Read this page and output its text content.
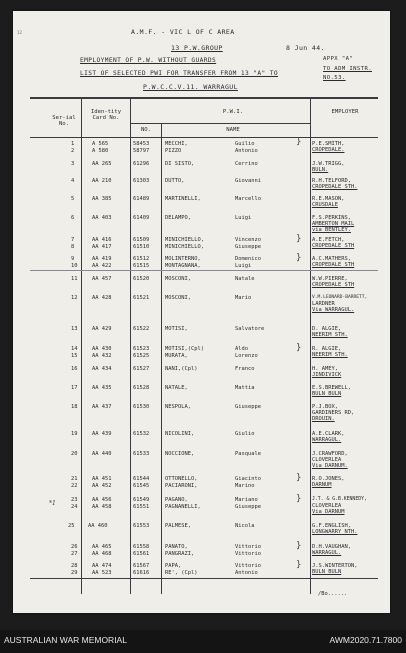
12	A.M.F. - VIC L OF C AREA
13 P.W.GROUP	8 Jun 44.
EMPLOYMENT OF P.W. WITHOUT GUARDS
LIST OF SELECTED PWI FOR TRANSFER FROM 13 "A" TO
P.W.C.C.V.11. WARRAGUL
APPX "A"
TO ADM INSTR.
NO.53.
Ser-ial No.
Iden-tity Card No.
P.W.I.
NO.	NAME
EMPLOYER
1	A 565	58453	MECCHI,	Guilio	P.E.SMITH,
CROPEDALE.
2	A 580	58797	PIZZO	Antonio
}
3	AA 265	61296	DI SISTO,	Cerrino	J.W.TRIGG,
BULN.
4	AA 210	61303	DUTTO,	Giovanni	R.H.TELFORD,
CROPEDALE STH.
5	AA 385	61489	MARTINELLI,	Marcello	R.E.MASON,
CRUSDALE
6	AA 403	61409	DELAMPO,	Luigi	F.S.PERKINS,
AMBERTON MAIL
via BENTLEY.
7	AA 416	61509	MINICHIELLO,	Vincenzo	A.E.FETCH,
CROPEDALE STH
8	AA 417	61510	MINICHIELLO,	Giuseppe
}
9	AA 419	61512	MOLINTERNO,	Domenico	A.C.MATHERS,
CROPEDALE STH
10	AA 422	61515	MONTAGNANA,	Luigi
}
11	AA 457	61520	MOSCONI,	Natale	W.W.PIERRE,
CROPEDALE STH
12	AA 428	61521	MOSCONI,	Mario	V.M.LEONARD-BARRETT,
LARDNER
Via WARRAGUL.
13	AA 429	61522	MOTISI,	Salvatore	D. ALGIE,
NEERIM STH.
14	AA 430	61523	MOTISI,(Cpl)	Aldo	R. ALGIE,
NEERIM STH.
15	AA 432	61525	MURATA,	Lorenzo
}
16	AA 434	61527	NANI,(Cpl)	Franco	H. AMEY,
JINDIVICK
17	AA 435	61528	NATALE,	Mattia	E.S.BREWELL,
BULN BULN
18	AA 437	61530	NESPOLA,	Giuseppe	P.J.BOX,
GARDINERS RD,
DROUIN.
19	AA 439	61532	NICOLINI,	Giulio	A.E.CLARK,
WARRAGUL.
20	AA 440	61533	NOCCIONE,	Pasquale	J.CRAWFORD,
CLOVERLEA
Via DARNUM.
21	AA 451	61544	OTTONELLO,	Giacinto	R.O.JONES,
DARNUM
22	AA 452	61545	PACIARONI,	Marino
}
23	AA 456	61549	PAGANO,	Mariano	J.T. & G.B.KENNEDY,
CLOVERLEA
Via DARNUM
24	AA 458	61551	PAGNANELLI,	Giuseppe
}
*1
25	AA 460	61553	PALMESE,	Nicola	G.F.ENGLISH,
LONGWARRY NTH.
26	AA 465	61558	PANATO,	Vittorio	D.H.VAUGHAN,
WARRAGUL.
27	AA 468	61561	PANGRAZI,	Vittorio
}
28	AA 474	61567	PAPA,	Vittorio	J.S.WINTERTON,
BULN BULN
29	AA 523	61616	RE', (Cpl)	Antonio
}
/Bo......
AUSTRALIAN WAR MEMORIAL	AWM2020.71.7800
